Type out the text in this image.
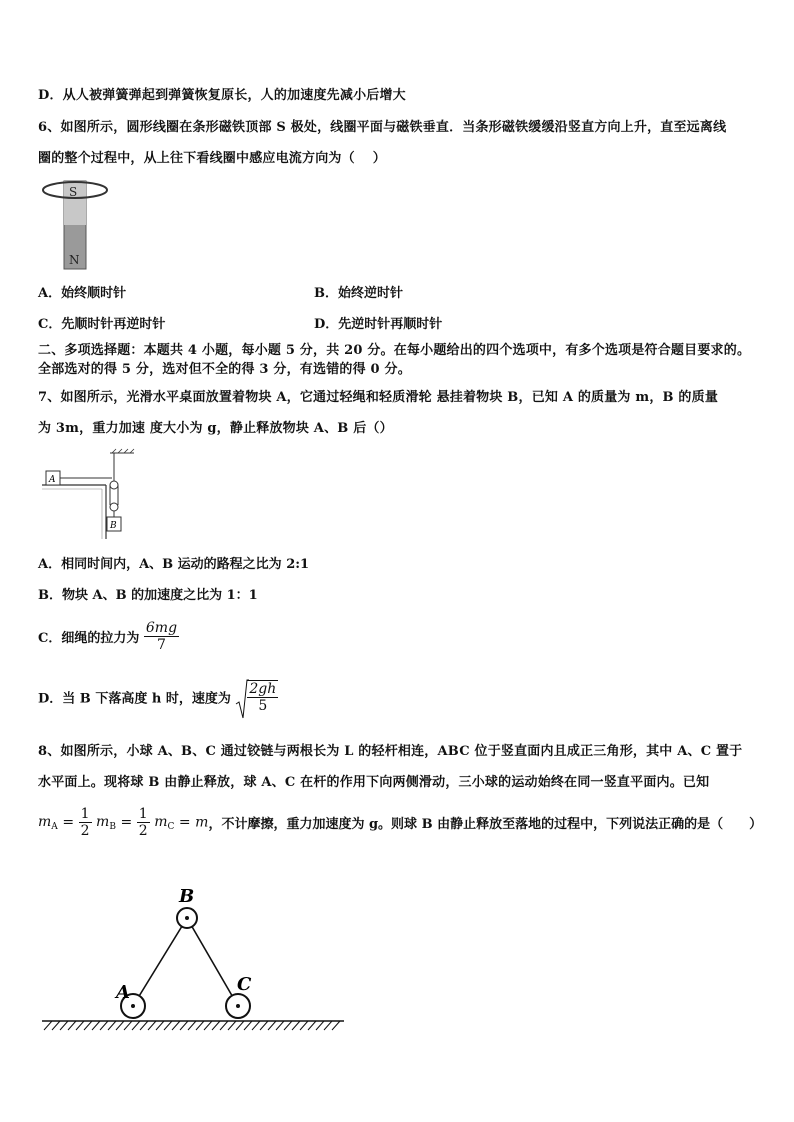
D．从人被弹簧弹起到弹簧恢复原长，人的加速度先减小后增大
6、如图所示，圆形线圈在条形磁铁顶部 S 极处，线圈平面与磁铁垂直．当条形磁铁缓缓沿竖直方向上升，直至远离线
圈的整个过程中，从上往下看线圈中感应电流方向为（　 ）
S
N
A．始终顺时针	B．始终逆时针
C．先顺时针再逆时针	D．先逆时针再顺时针
二、多项选择题：本题共 4 小题，每小题 5 分，共 20 分。在每小题给出的四个选项中，有多个选项是符合题目要求的。
全部选对的得 5 分，选对但不全的得 3 分，有选错的得 0 分。
7、如图所示，光滑水平桌面放置着物块 A，它通过轻绳和轻质滑轮 悬挂着物块 B，已知 A 的质量为 m，B 的质量
为 3m，重力加速 度大小为 g，静止释放物块 A、B 后（）
A
B
A．相同时间内，A、B 运动的路程之比为 2:1
B．物块 A、B 的加速度之比为 1：1
C．细绳的拉力为 $\frac{6mg}{7}$
D．当 B 下落高度 h 时，速度为 $\frac{2gh}{5}$
8、如图所示，小球 A、B、C 通过铰链与两根长为 L 的轻杆相连，ABC 位于竖直面内且成正三角形，其中 A、C 置于
水平面上。现将球 B 由静止释放，球 A、C 在杆的作用下向两侧滑动，三小球的运动始终在同一竖直平面内。已知
$m_A = \frac{1}{2} m_B = \frac{1}{2} m_C = m$，不计摩擦，重力加速度为 g。则球 B 由静止释放至落地的过程中，下列说法正确的是（　　）
A
B
C
